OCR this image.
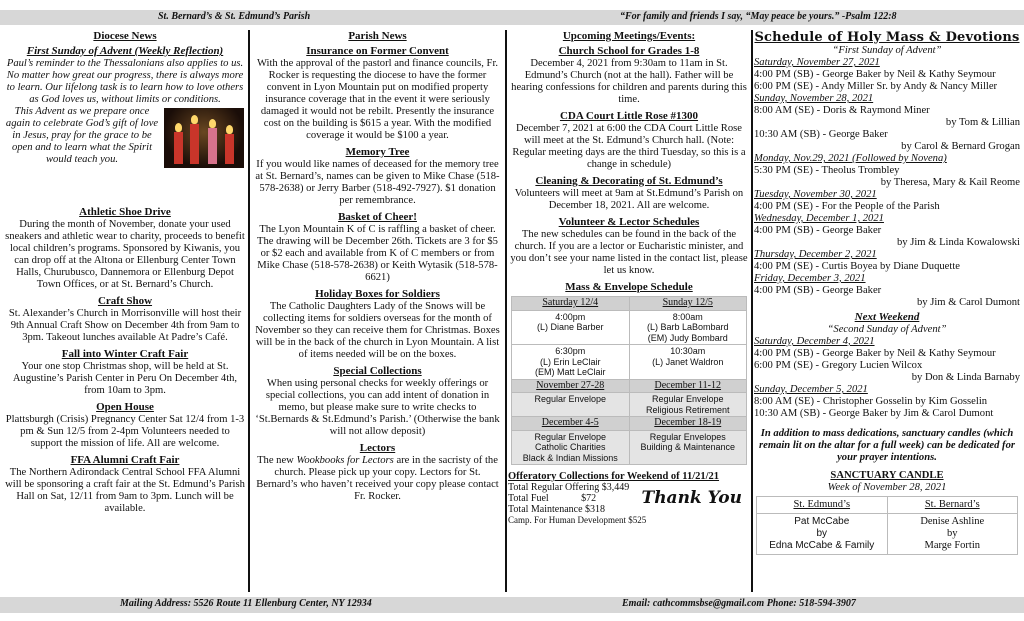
St. Bernard’s & St. Edmund’s Parish	“For family and friends I say, “May peace be yours.” -Psalm 122:8
Mailing Address: 5526 Route 11 Ellenburg Center, NY 12934	Email: cathcommsbse@gmail.com Phone: 518-594-3907
Diocese News
First Sunday of Advent (Weekly Reflection)

Paul’s reminder to the Thessalonians also applies to us. No matter how great our progress, there is always more to learn. Our lifelong task is to learn how to love others as God loves us, without limits or conditions.

This Advent as we prepare once again to celebrate God’s gift of love in Jesus, pray for the grace to be open and to learn what the Spirit would teach you.

Athletic Shoe Drive

During the month of November, donate your used sneakers and athletic wear to charity, proceeds to benefit local children’s programs. Sponsored by Kiwanis, you can drop off at the Altona or Ellenburg Center Town Halls, Churubusco, Dannemora or Ellenburg Depot Town Offices, or at St. Bernard’s Church.

Craft Show

St. Alexander’s Church in Morrisonville will host their 9th Annual Craft Show on December 4th from 9am to 3pm. Takeout lunches available At Padre’s Café.

Fall into Winter Craft Fair

Your one stop Christmas shop, will be held at St. Augustine’s Parish Center in Peru On December 4th, from 10am to 3pm.

Open House

Plattsburgh (Crisis) Pregnancy Center Sat 12/4 from 1-3 pm & Sun 12/5 from 2-4pm Volunteers needed to support the mission of life. All are welcome.

FFA Alumni Craft Fair

The Northern Adirondack Central School FFA Alumni will be sponsoring a craft fair at the St. Edmund’s Parish Hall on Sat, 12/11 from 9am to 3pm. Lunch will be available.

Parish News
Insurance on Former Convent

With the approval of the pastorl and finance councils, Fr. Rocker is requesting the diocese to have the former convent in Lyon Mountain put on modified property insurance coverage that in the event it were seriously damaged it would not be rebilt. Presently the insurance cost on the building is $615 a year. With the modified coverage it would be $100 a year.

Memory Tree

If you would like names of deceased for the memory tree at St. Bernard’s, names can be given to Mike Chase (518-578-2638) or Jerry Barber (518-492-7927). $1 donation per remembrance.

Basket of Cheer!

The Lyon Mountain K of C is raffling a basket of cheer. The drawing will be December 26th. Tickets are 3 for $5 or $2 each and available from K of C members or from Mike Chase (518-578-2638) or Keith Wytasik (518-578-6621)

Holiday Boxes for Soldiers

The Catholic Daughters Lady of the Snows will be collecting items for soldiers overseas for the month of November so they can receive them for Christmas. Boxes will be in the back of the church in Lyon Mountain. A list of items needed will be on the boxes.

Special Collections

When using personal checks for weekly offerings or special collections, you can add intent of donation in memo, but please make sure to write checks to ‘St.Bernards & St.Edmund’s Parish.’ (Otherwise the bank will not allow deposit)

Lectors

The new Wookbooks for Lectors are in the sacristy of the church. Please pick up your copy. Lectors for St. Bernard’s who haven’t received your copy please contact Fr. Rocker.

Upcoming Meetings/Events:
Church School for Grades 1-8

December 4, 2021 from 9:30am to 11am in St. Edmund’s Church (not at the hall). Father will be hearing confessions for children and parents during this time.

CDA Court Little Rose #1300

December 7, 2021 at 6:00 the CDA Court Little Rose will meet at the St. Edmund’s Church hall. (Note: Regular meeting days are the third Tuesday, so this is a change in schedule)

Cleaning & Decorating of St. Edmund’s

Volunteers will meet at 9am at St.Edmund’s Parish on December 18, 2021. All are welcome.

Volunteer & Lector Schedules

The new schedules can be found in the back of the church. If you are a lector or Eucharistic minister, and you don’t see your name listed in the contact list, please let us know.

Mass & Envelope Schedule
Saturday 12/4	Sunday 12/5
4:00pm
(L) Diane Barber	8:00am
(L) Barb LaBombard
(EM) Judy Bombard
6:30pm
(L) Erin LeClair
(EM) Matt LeClair	10:30am
(L) Janet Waldron
November 27-28	December 11-12
Regular Envelope	Regular Envelope
Religious Retirement
December 4-5	December 18-19
Regular Envelope
Catholic Charities
Black & Indian Missions	Regular Envelopes
Building & Maintenance
Offeratory Collections for Weekend of 11/21/21
Total Regular Offering $3,449
Total Fuel             $72
Total Maintenance $318
Camp. For Human Development $525
Thank You
Schedule of Holy Mass & Devotions
“First Sunday of Advent”
Saturday, November 27, 2021
4:00 PM (SB) - George Baker by Neil & Kathy Seymour
6:00 PM (SE) - Andy Miller Sr. by Andy & Nancy Miller
Sunday, November 28, 2021
8:00 AM (SE) - Doris & Raymond Miner
by Tom & Lillian
10:30 AM (SB) - George Baker
by Carol & Bernard Grogan
Monday, Nov.29, 2021 (Followed by Novena)
5:30 PM (SE) - Theolus Trombley
by Theresa, Mary & Kail Reome
Tuesday, November 30, 2021
4:00 PM (SE) - For the People of the Parish
Wednesday, December 1, 2021
4:00 PM (SB) - George Baker
by Jim & Linda Kowalowski
Thursday, December 2, 2021
4:00 PM (SE) - Curtis Boyea by Diane Duquette
Friday, December 3, 2021
4:00 PM (SB) - George Baker
by Jim & Carol Dumont
Next Weekend
“Second Sunday of Advent”
Saturday, December 4, 2021
4:00 PM (SB) - George Baker by Neil & Kathy Seymour
6:00 PM (SE) - Gregory Lucien Wilcox
by Don & Linda Barnaby
Sunday, December 5, 2021
8:00 AM (SE) - Christopher Gosselin by Kim Gosselin
10:30 AM (SB) - George Baker by Jim & Carol Dumont

In addition to mass dedications, sanctuary candles (which remain lit on the altar for a full week) can be dedicated for your prayer intentions.

SANCTUARY CANDLE
Week of November 28, 2021
St. Edmund’s	St. Bernard’s
Pat McCabe
by
Edna McCabe & Family	Denise Ashline
by
Marge Fortin
